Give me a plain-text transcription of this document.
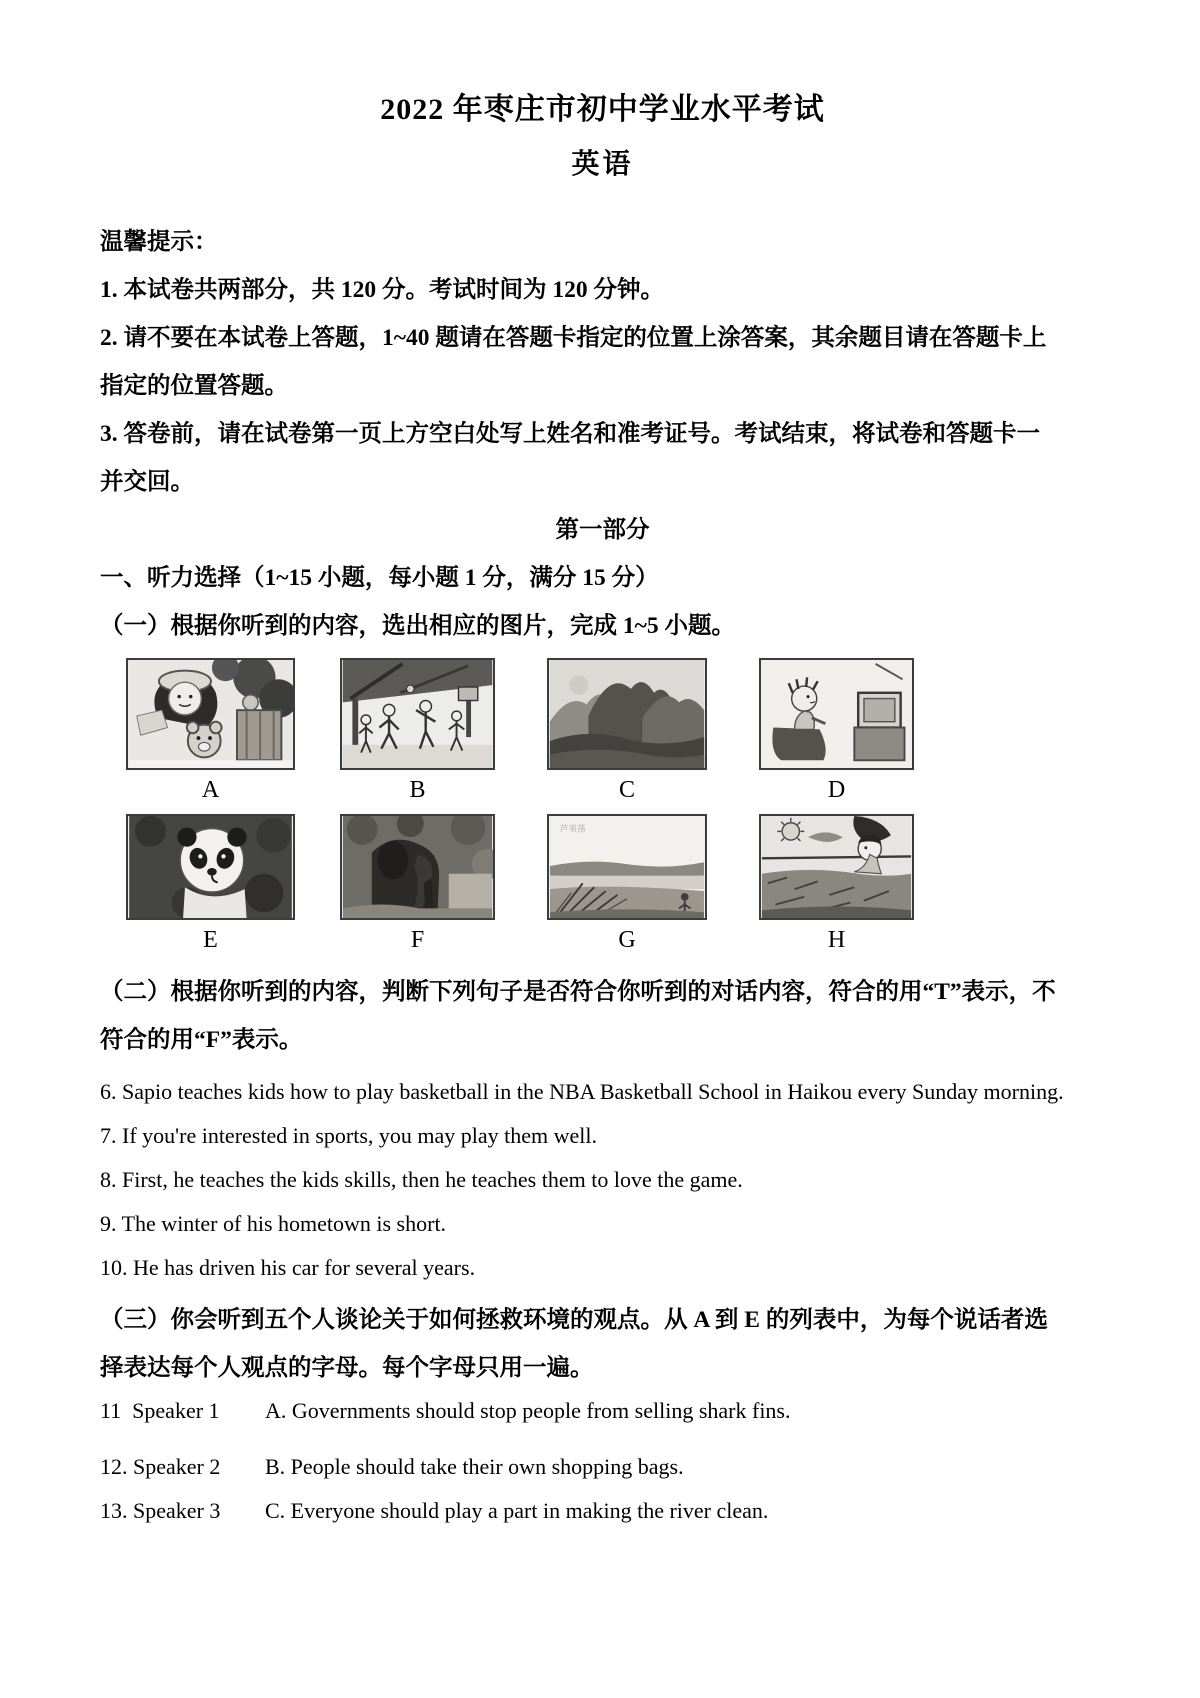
2022 年枣庄市初中学业水平考试
英语
温馨提示：
1. 本试卷共两部分，共 120 分。考试时间为 120 分钟。
2. 请不要在本试卷上答题，1~40 题请在答题卡指定的位置上涂答案，其余题目请在答题卡上
指定的位置答题。
3. 答卷前，请在试卷第一页上方空白处写上姓名和准考证号。考试结束，将试卷和答题卡一
并交回。
第一部分
一、听力选择（1~15 小题，每小题 1 分，满分 15 分）
（一）根据你听到的内容，选出相应的图片，完成 1~5 小题。
A	B	C	D
E	F
芦苇荡
G	H
（二）根据你听到的内容，判断下列句子是否符合你听到的对话内容，符合的用“T”表示，不
符合的用“F”表示。

6. Sapio teaches kids how to play basketball in the NBA Basketball School in Haikou every Sunday morning.

7. If you're interested in sports, you may play them well.

8. First, he teaches the kids skills, then he teaches them to love the game.

9. The winter of his hometown is short.

10. He has driven his car for several years.

（三）你会听到五个人谈论关于如何拯救环境的观点。从 A 到 E 的列表中，为每个说话者选
择表达每个人观点的字母。每个字母只用一遍。
11  Speaker 1	A. Governments should stop people from selling shark fins.
12. Speaker 2	B. People should take their own shopping bags.
13. Speaker 3	C. Everyone should play a part in making the river clean.
